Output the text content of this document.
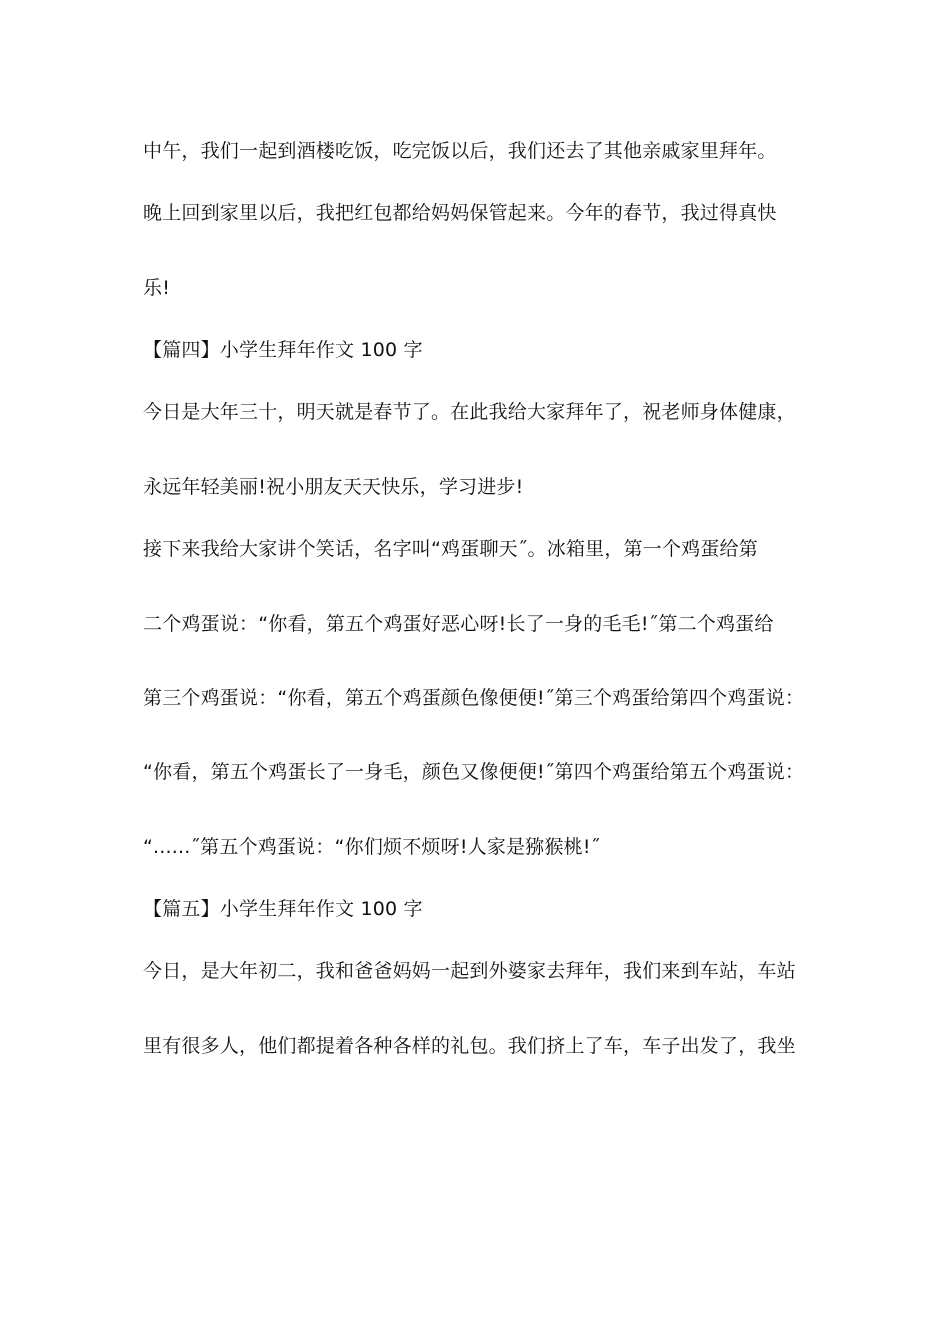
中午，我们一起到酒楼吃饭，吃完饭以后，我们还去了其他亲戚家里拜年。
晚上回到家里以后，我把红包都给妈妈保管起来。今年的春节，我过得真快
乐!
【篇四】小学生拜年作文 100 字
今日是大年三十，明天就是春节了。在此我给大家拜年了，祝老师身体健康，
永远年轻美丽!祝小朋友天天快乐，学习进步!
接下来我给大家讲个笑话，名字叫“鸡蛋聊天˝。冰箱里，第一个鸡蛋给第
二个鸡蛋说：“你看，第五个鸡蛋好恶心呀!长了一身的毛毛!˝第二个鸡蛋给
第三个鸡蛋说：“你看，第五个鸡蛋颜色像便便!˝第三个鸡蛋给第四个鸡蛋说：
“你看，第五个鸡蛋长了一身毛，颜色又像便便!˝第四个鸡蛋给第五个鸡蛋说：
“......˝第五个鸡蛋说：“你们烦不烦呀!人家是猕猴桃!˝
【篇五】小学生拜年作文 100 字
今日，是大年初二，我和爸爸妈妈一起到外婆家去拜年，我们来到车站，车站
里有很多人，他们都提着各种各样的礼包。我们挤上了车，车子出发了，我坐
